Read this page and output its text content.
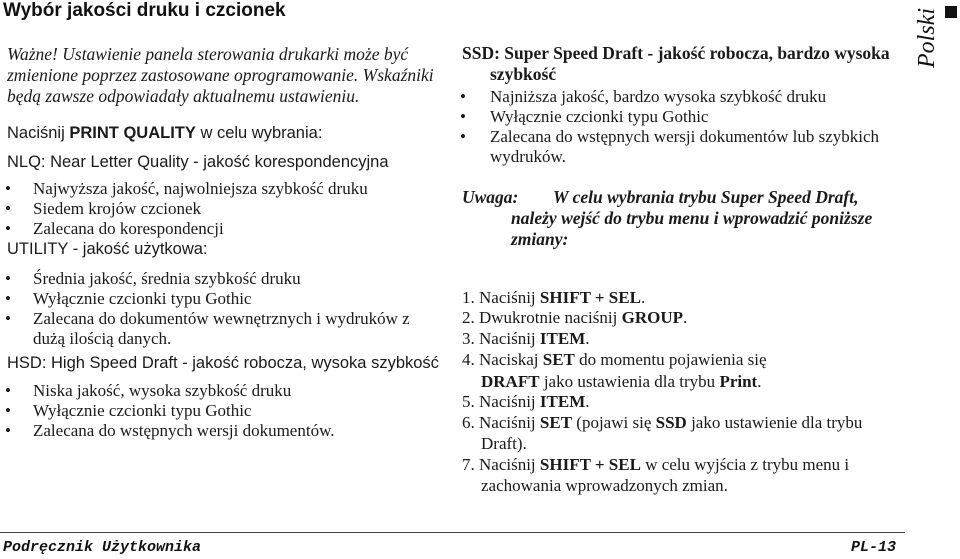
Wybór jakości druku i czcionek	Polski
Ważne! Ustawienie panela sterowania drukarki może być
zmienione poprzez zastosowane oprogramowanie. Wskaźniki
będą zawsze odpowiadały aktualnemu ustawieniu.
Naciśnij PRINT QUALITY w celu wybrania:
NLQ: Near Letter Quality - jakość korespondencyjna
• Najwyższa jakość, najwolniejsza szybkość druku
• Siedem krojów czcionek
• Zalecana do korespondencji
UTILITY - jakość użytkowa:
• Średnia jakość, średnia szybkość druku
• Wyłącznie czcionki typu Gothic
• Zalecana do dokumentów wewnętrznych i wydruków z
dużą ilością danych.
HSD: High Speed Draft - jakość robocza, wysoka szybkość
• Niska jakość, wysoka szybkość druku
• Wyłącznie czcionki typu Gothic
• Zalecana do wstępnych wersji dokumentów.
SSD: Super Speed Draft - jakość robocza, bardzo wysoka
szybkość
• Najniższa jakość, bardzo wysoka szybkość druku
• Wyłącznie czcionki typu Gothic
• Zalecana do wstępnych wersji dokumentów lub szybkich
wydruków.
Uwaga: W celu wybrania trybu Super Speed Draft,
należy wejść do trybu menu i wprowadzić poniższe
zmiany:
1. Naciśnij SHIFT + SEL.
2. Dwukrotnie naciśnij GROUP.
3. Naciśnij ITEM.
4. Naciskaj SET do momentu pojawienia się
DRAFT jako ustawienia dla trybu Print.
5. Naciśnij ITEM.
6. Naciśnij SET (pojawi się SSD jako ustawienie dla trybu
Draft).
7. Naciśnij SHIFT + SEL w celu wyjścia z trybu menu i
zachowania wprowadzonych zmian.
Podręcznik Użytkownika	PL-13
